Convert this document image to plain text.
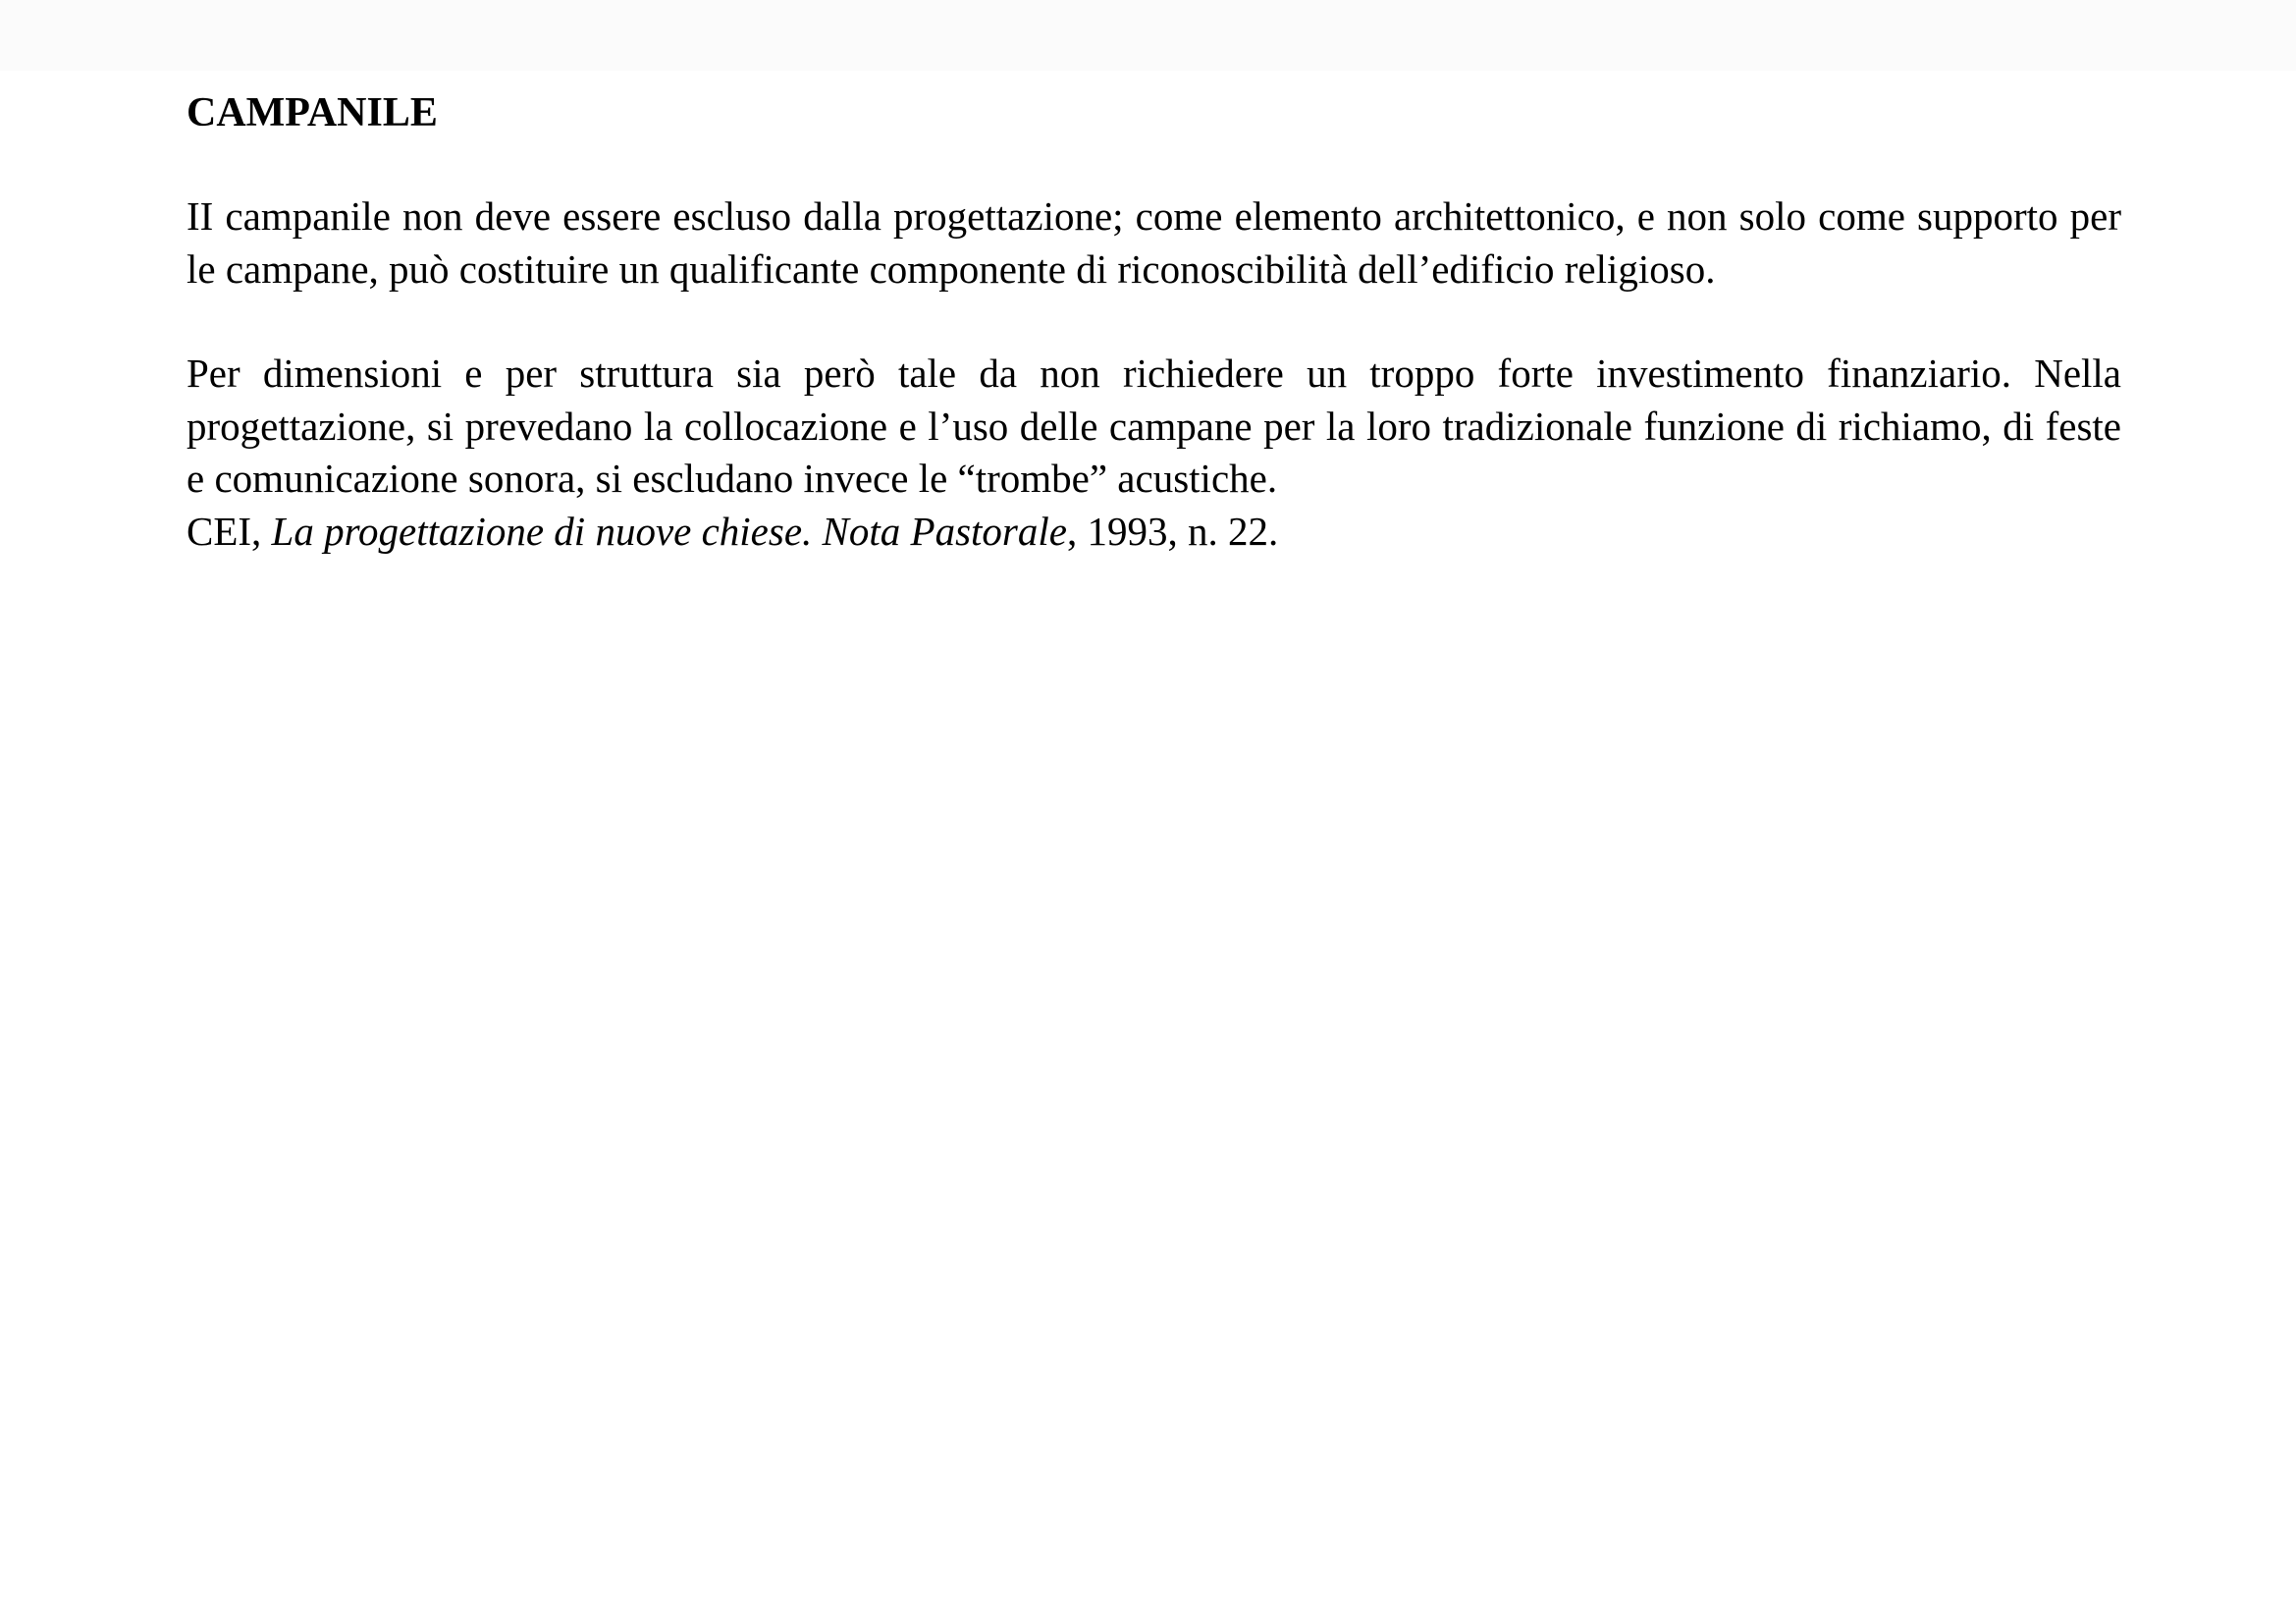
CAMPANILE

II campanile non deve essere escluso dalla progettazione; come elemento architettonico, e non solo come supporto per le campane, può costituire un qualificante componente di riconoscibilità dell’edificio religioso.

Per dimensioni e per struttura sia però tale da non richiedere un troppo forte investimento finanziario. Nella progettazione, si prevedano la collocazione e l’uso delle campane per la loro tradizionale funzione di richiamo, di feste e comunicazione sonora, si escludano invece le “trombe” acustiche.

CEI, La progettazione di nuove chiese. Nota Pastorale, 1993, n. 22.
